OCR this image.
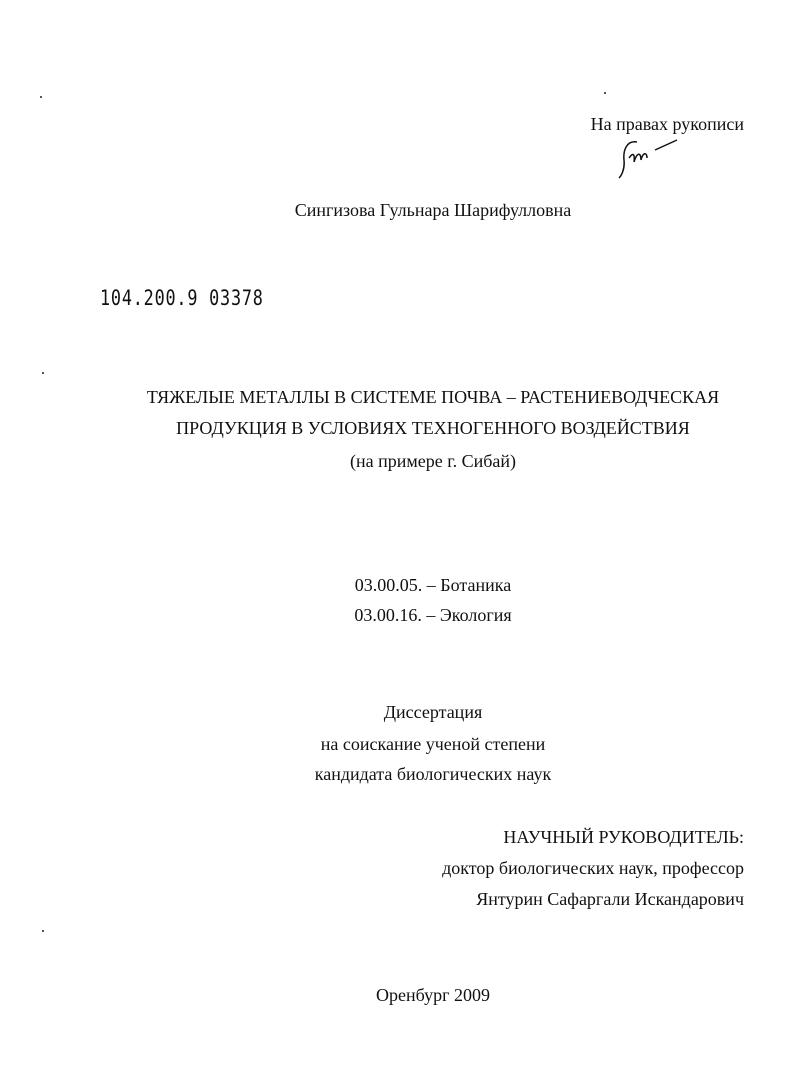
На правах рукописи
Сингизова Гульнара Шарифулловна
104.200.9 03378
ТЯЖЕЛЫЕ МЕТАЛЛЫ В СИСТЕМЕ ПОЧВА – РАСТЕНИЕВОДЧЕСКАЯ
ПРОДУКЦИЯ В УСЛОВИЯХ ТЕХНОГЕННОГО ВОЗДЕЙСТВИЯ
(на примере г. Сибай)
03.00.05. – Ботаника
03.00.16. – Экология
Диссертация
на соискание ученой степени
кандидата биологических наук
НАУЧНЫЙ РУКОВОДИТЕЛЬ:
доктор биологических наук, профессор
Янтурин Сафаргали Искандарович
Оренбург 2009
